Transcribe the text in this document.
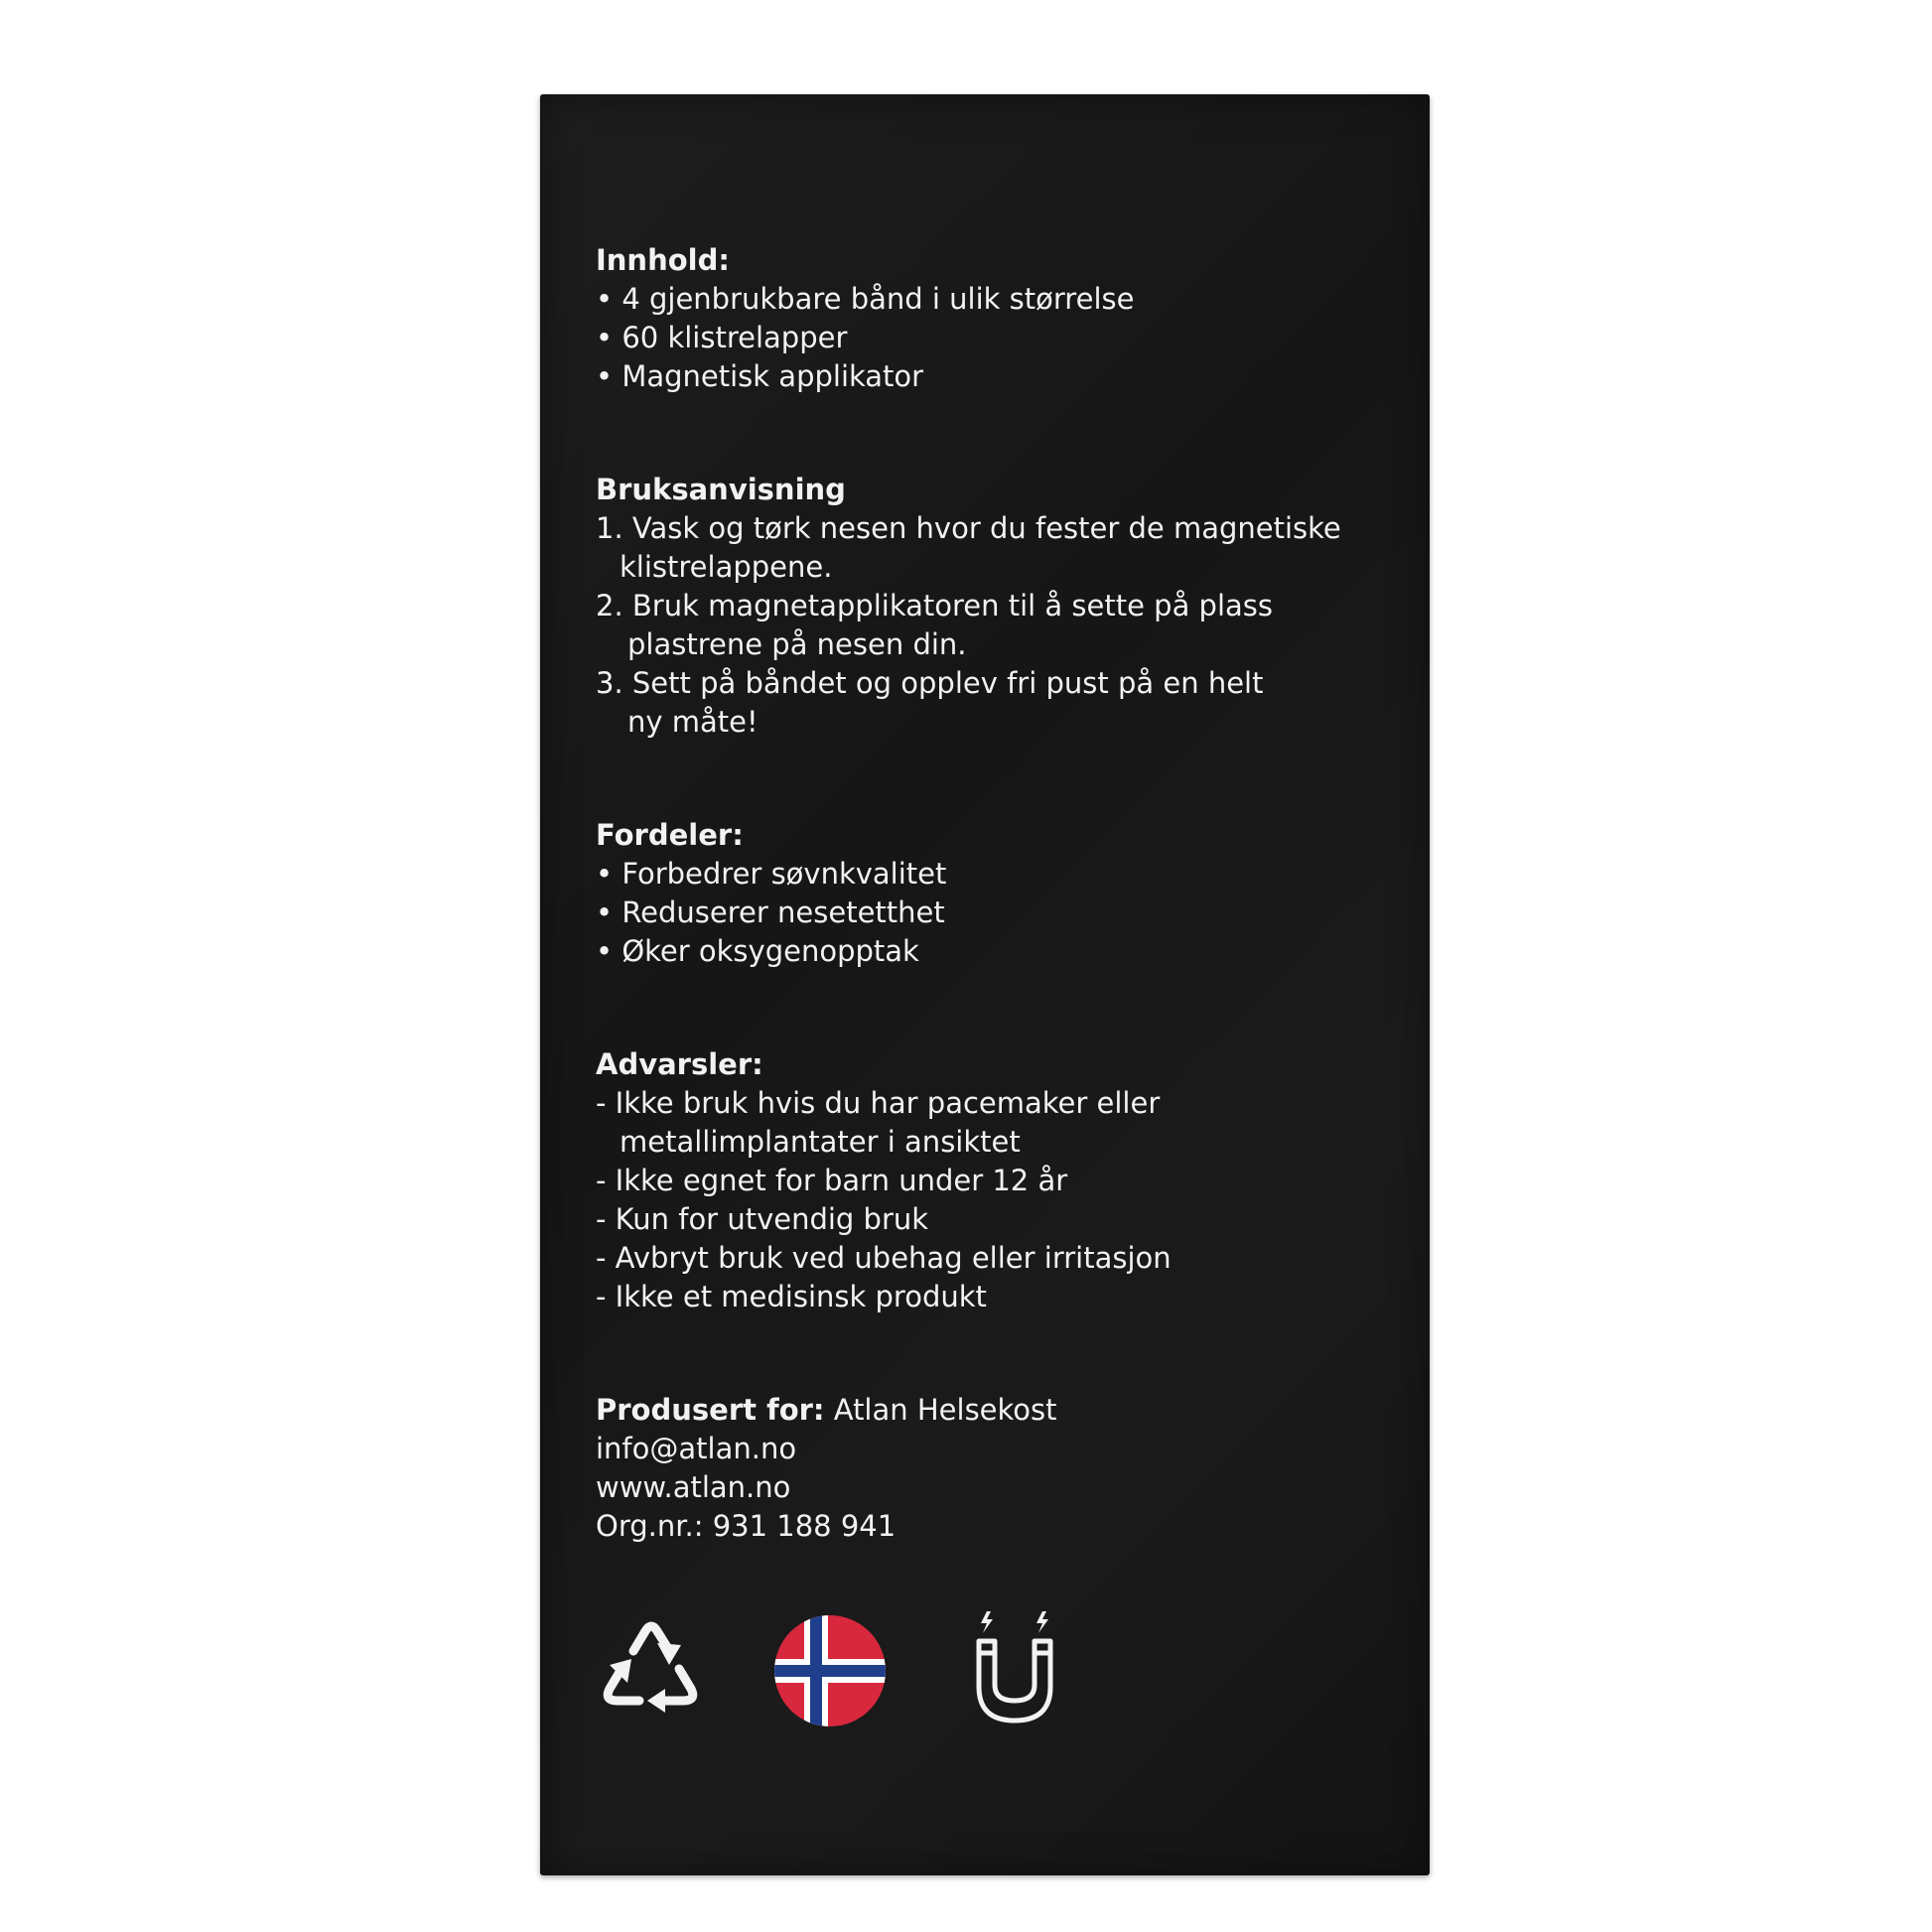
Innhold:
• 4 gjenbrukbare bånd i ulik størrelse
• 60 klistrelapper
• Magnetisk applikator
Bruksanvisning
1. Vask og tørk nesen hvor du fester de magnetiske
klistrelappene.
2. Bruk magnetapplikatoren til å sette på plass
plastrene på nesen din.
3. Sett på båndet og opplev fri pust på en helt
ny måte!
Fordeler:
• Forbedrer søvnkvalitet
• Reduserer nesetetthet
• Øker oksygenopptak
Advarsler:
- Ikke bruk hvis du har pacemaker eller
metallimplantater i ansiktet
- Ikke egnet for barn under 12 år
- Kun for utvendig bruk
- Avbryt bruk ved ubehag eller irritasjon
- Ikke et medisinsk produkt
Produsert for: Atlan Helsekost
info@atlan.no
www.atlan.no
Org.nr.: 931 188 941
